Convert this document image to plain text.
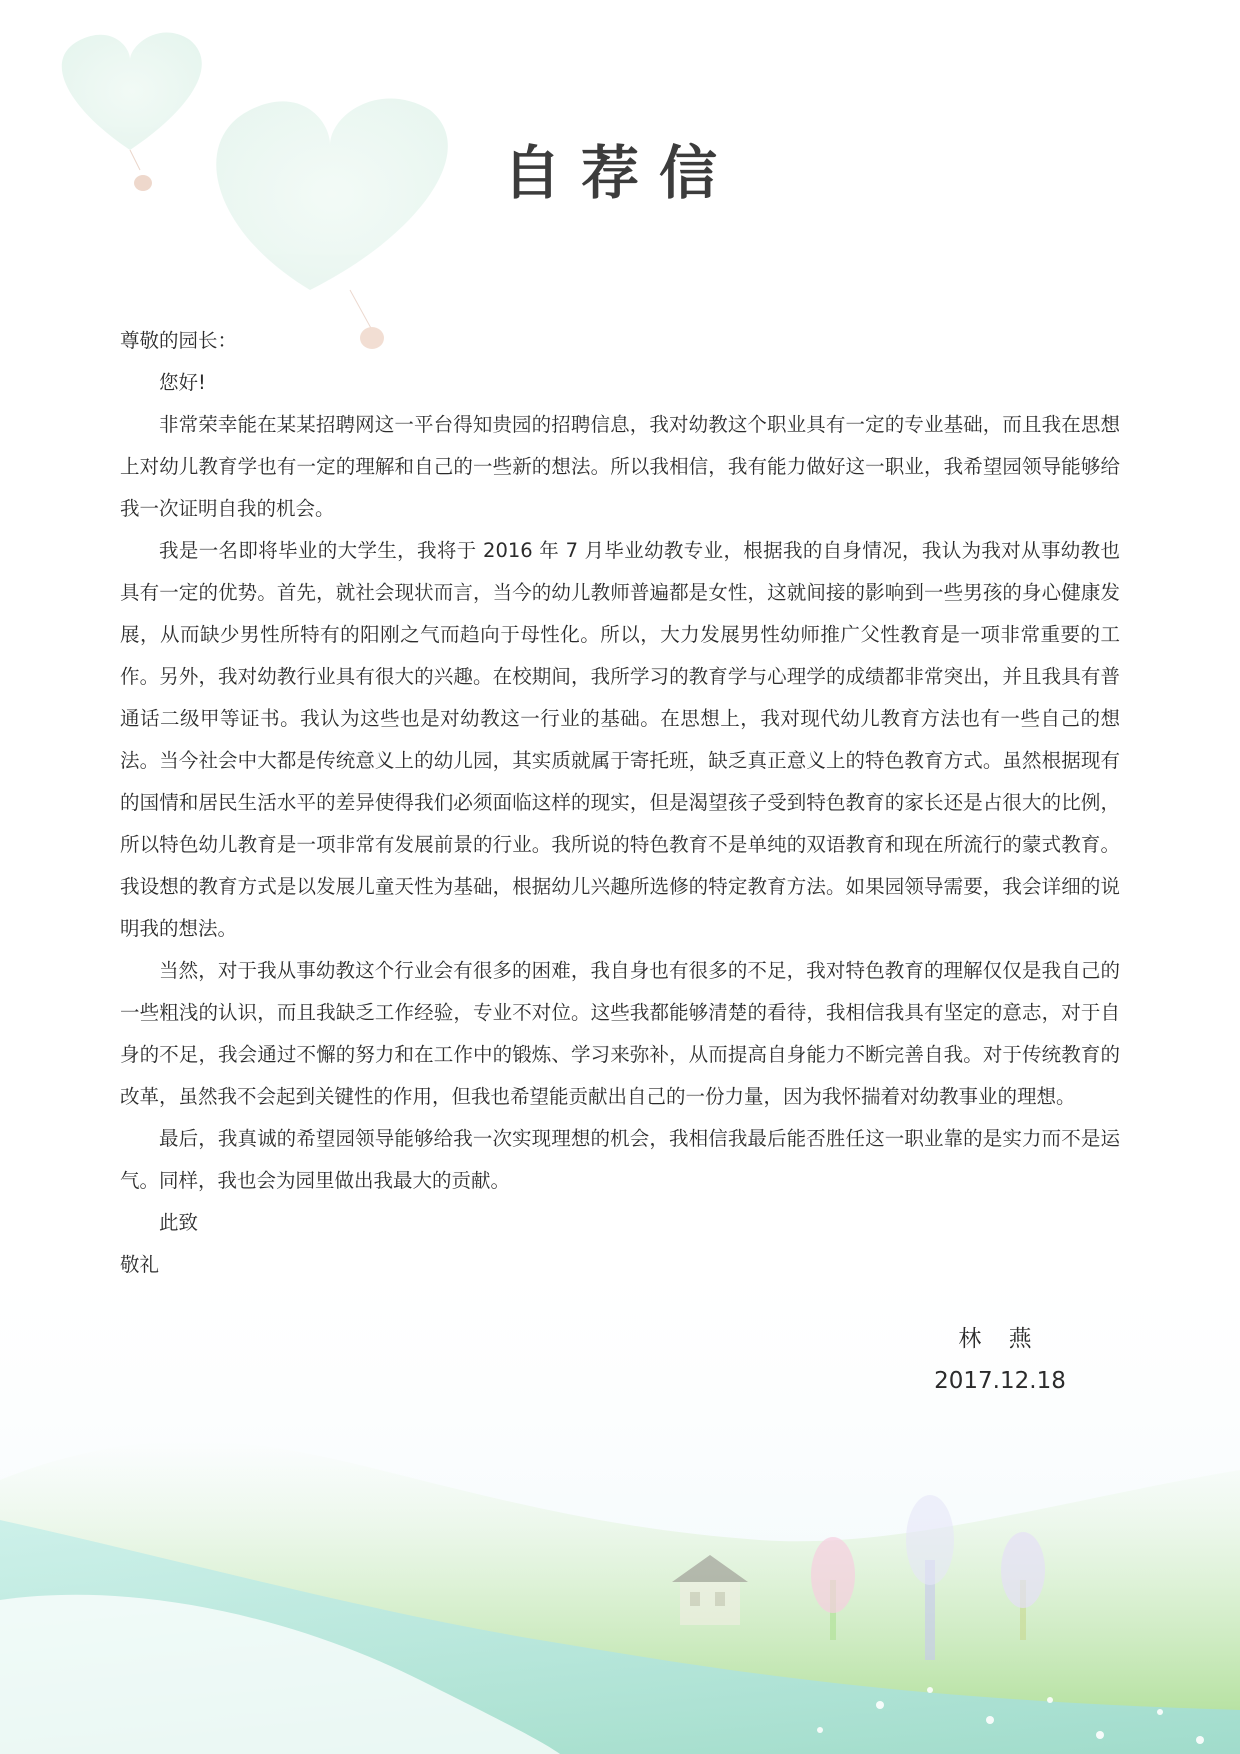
自荐信

尊敬的园长：

您好!

非常荣幸能在某某招聘网这一平台得知贵园的招聘信息，我对幼教这个职业具有一定的专业基础，而且我在思想上对幼儿教育学也有一定的理解和自己的一些新的想法。所以我相信，我有能力做好这一职业，我希望园领导能够给我一次证明自我的机会。

我是一名即将毕业的大学生，我将于 2016 年 7 月毕业幼教专业，根据我的自身情况，我认为我对从事幼教也具有一定的优势。首先，就社会现状而言，当今的幼儿教师普遍都是女性，这就间接的影响到一些男孩的身心健康发展，从而缺少男性所特有的阳刚之气而趋向于母性化。所以，大力发展男性幼师推广父性教育是一项非常重要的工作。另外，我对幼教行业具有很大的兴趣。在校期间，我所学习的教育学与心理学的成绩都非常突出，并且我具有普通话二级甲等证书。我认为这些也是对幼教这一行业的基础。在思想上，我对现代幼儿教育方法也有一些自己的想法。当今社会中大都是传统意义上的幼儿园，其实质就属于寄托班，缺乏真正意义上的特色教育方式。虽然根据现有的国情和居民生活水平的差异使得我们必须面临这样的现实，但是渴望孩子受到特色教育的家长还是占很大的比例，所以特色幼儿教育是一项非常有发展前景的行业。我所说的特色教育不是单纯的双语教育和现在所流行的蒙式教育。我设想的教育方式是以发展儿童天性为基础，根据幼儿兴趣所选修的特定教育方法。如果园领导需要，我会详细的说明我的想法。

当然，对于我从事幼教这个行业会有很多的困难，我自身也有很多的不足，我对特色教育的理解仅仅是我自己的一些粗浅的认识，而且我缺乏工作经验，专业不对位。这些我都能够清楚的看待，我相信我具有坚定的意志，对于自身的不足，我会通过不懈的努力和在工作中的锻炼、学习来弥补，从而提高自身能力不断完善自我。对于传统教育的改革，虽然我不会起到关键性的作用，但我也希望能贡献出自己的一份力量，因为我怀揣着对幼教事业的理想。

最后，我真诚的希望园领导能够给我一次实现理想的机会，我相信我最后能否胜任这一职业靠的是实力而不是运气。同样，我也会为园里做出我最大的贡献。

此致

敬礼

林 燕
2017.12.18
